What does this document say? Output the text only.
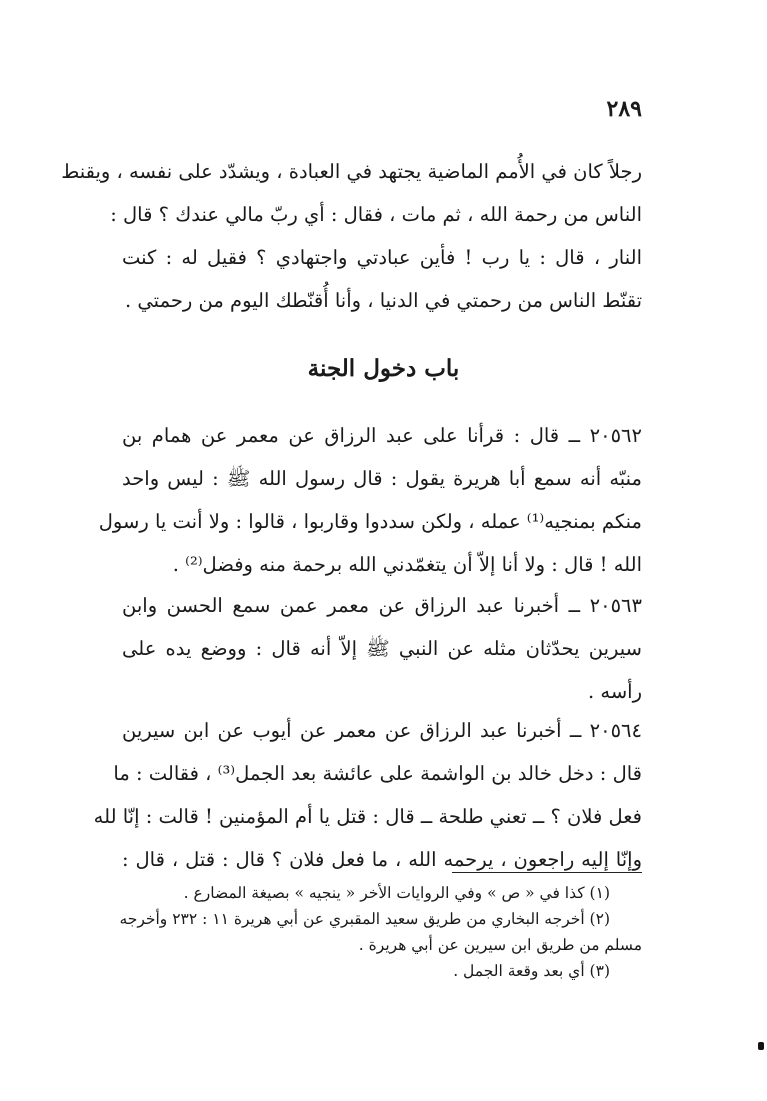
٢٨٩
رجلاً كان في الأُمم الماضية يجتهد في العبادة ، ويشدّد على نفسه ، ويقنط
الناس من رحمة الله ، ثم مات ، فقال : أي ربّ مالي عندك ؟ قال :
النار ، قال : يا رب ! فأين عبادتي واجتهادي ؟ فقيل له : كنت
تقنّط الناس من رحمتي في الدنيا ، وأنا أُقنّطك اليوم من رحمتي .
باب دخول الجنة
٢٠٥٦٢ ــ قال : قرأنا على عبد الرزاق عن معمر عن همام بن
منبّه أنه سمع أبا هريرة يقول : قال رسول الله ﷺ : ليس واحد
منكم بمنجيه⁽¹⁾ عمله ، ولكن سددوا وقاربوا ، قالوا : ولا أنت يا رسول
الله ! قال : ولا أنا إلاّ أن يتغمّدني الله برحمة منه وفضل⁽²⁾ .
٢٠٥٦٣ ــ أخبرنا عبد الرزاق عن معمر عمن سمع الحسن وابن
سيرين يحدّثان مثله عن النبي ﷺ إلاّ أنه قال : ووضع يده على
رأسه .
٢٠٥٦٤ ــ أخبرنا عبد الرزاق عن معمر عن أيوب عن ابن سيرين
قال : دخل خالد بن الواشمة على عائشة بعد الجمل⁽³⁾ ، فقالت : ما
فعل فلان ؟ ــ تعني طلحة ــ قال : قتل يا أم المؤمنين ! قالت : إنّا لله
وإنّا إليه راجعون ، يرحمه الله ، ما فعل فلان ؟ قال : قتل ، قال :
(١) كذا في « ص » وفي الروايات الأخر « ينجيه » بصيغة المضارع .
(٢) أخرجه البخاري من طريق سعيد المقبري عن أبي هريرة ١١ : ٢٣٢ وأخرجه
مسلم من طريق ابن سيرين عن أبي هريرة .
(٣) أي بعد وقعة الجمل .
